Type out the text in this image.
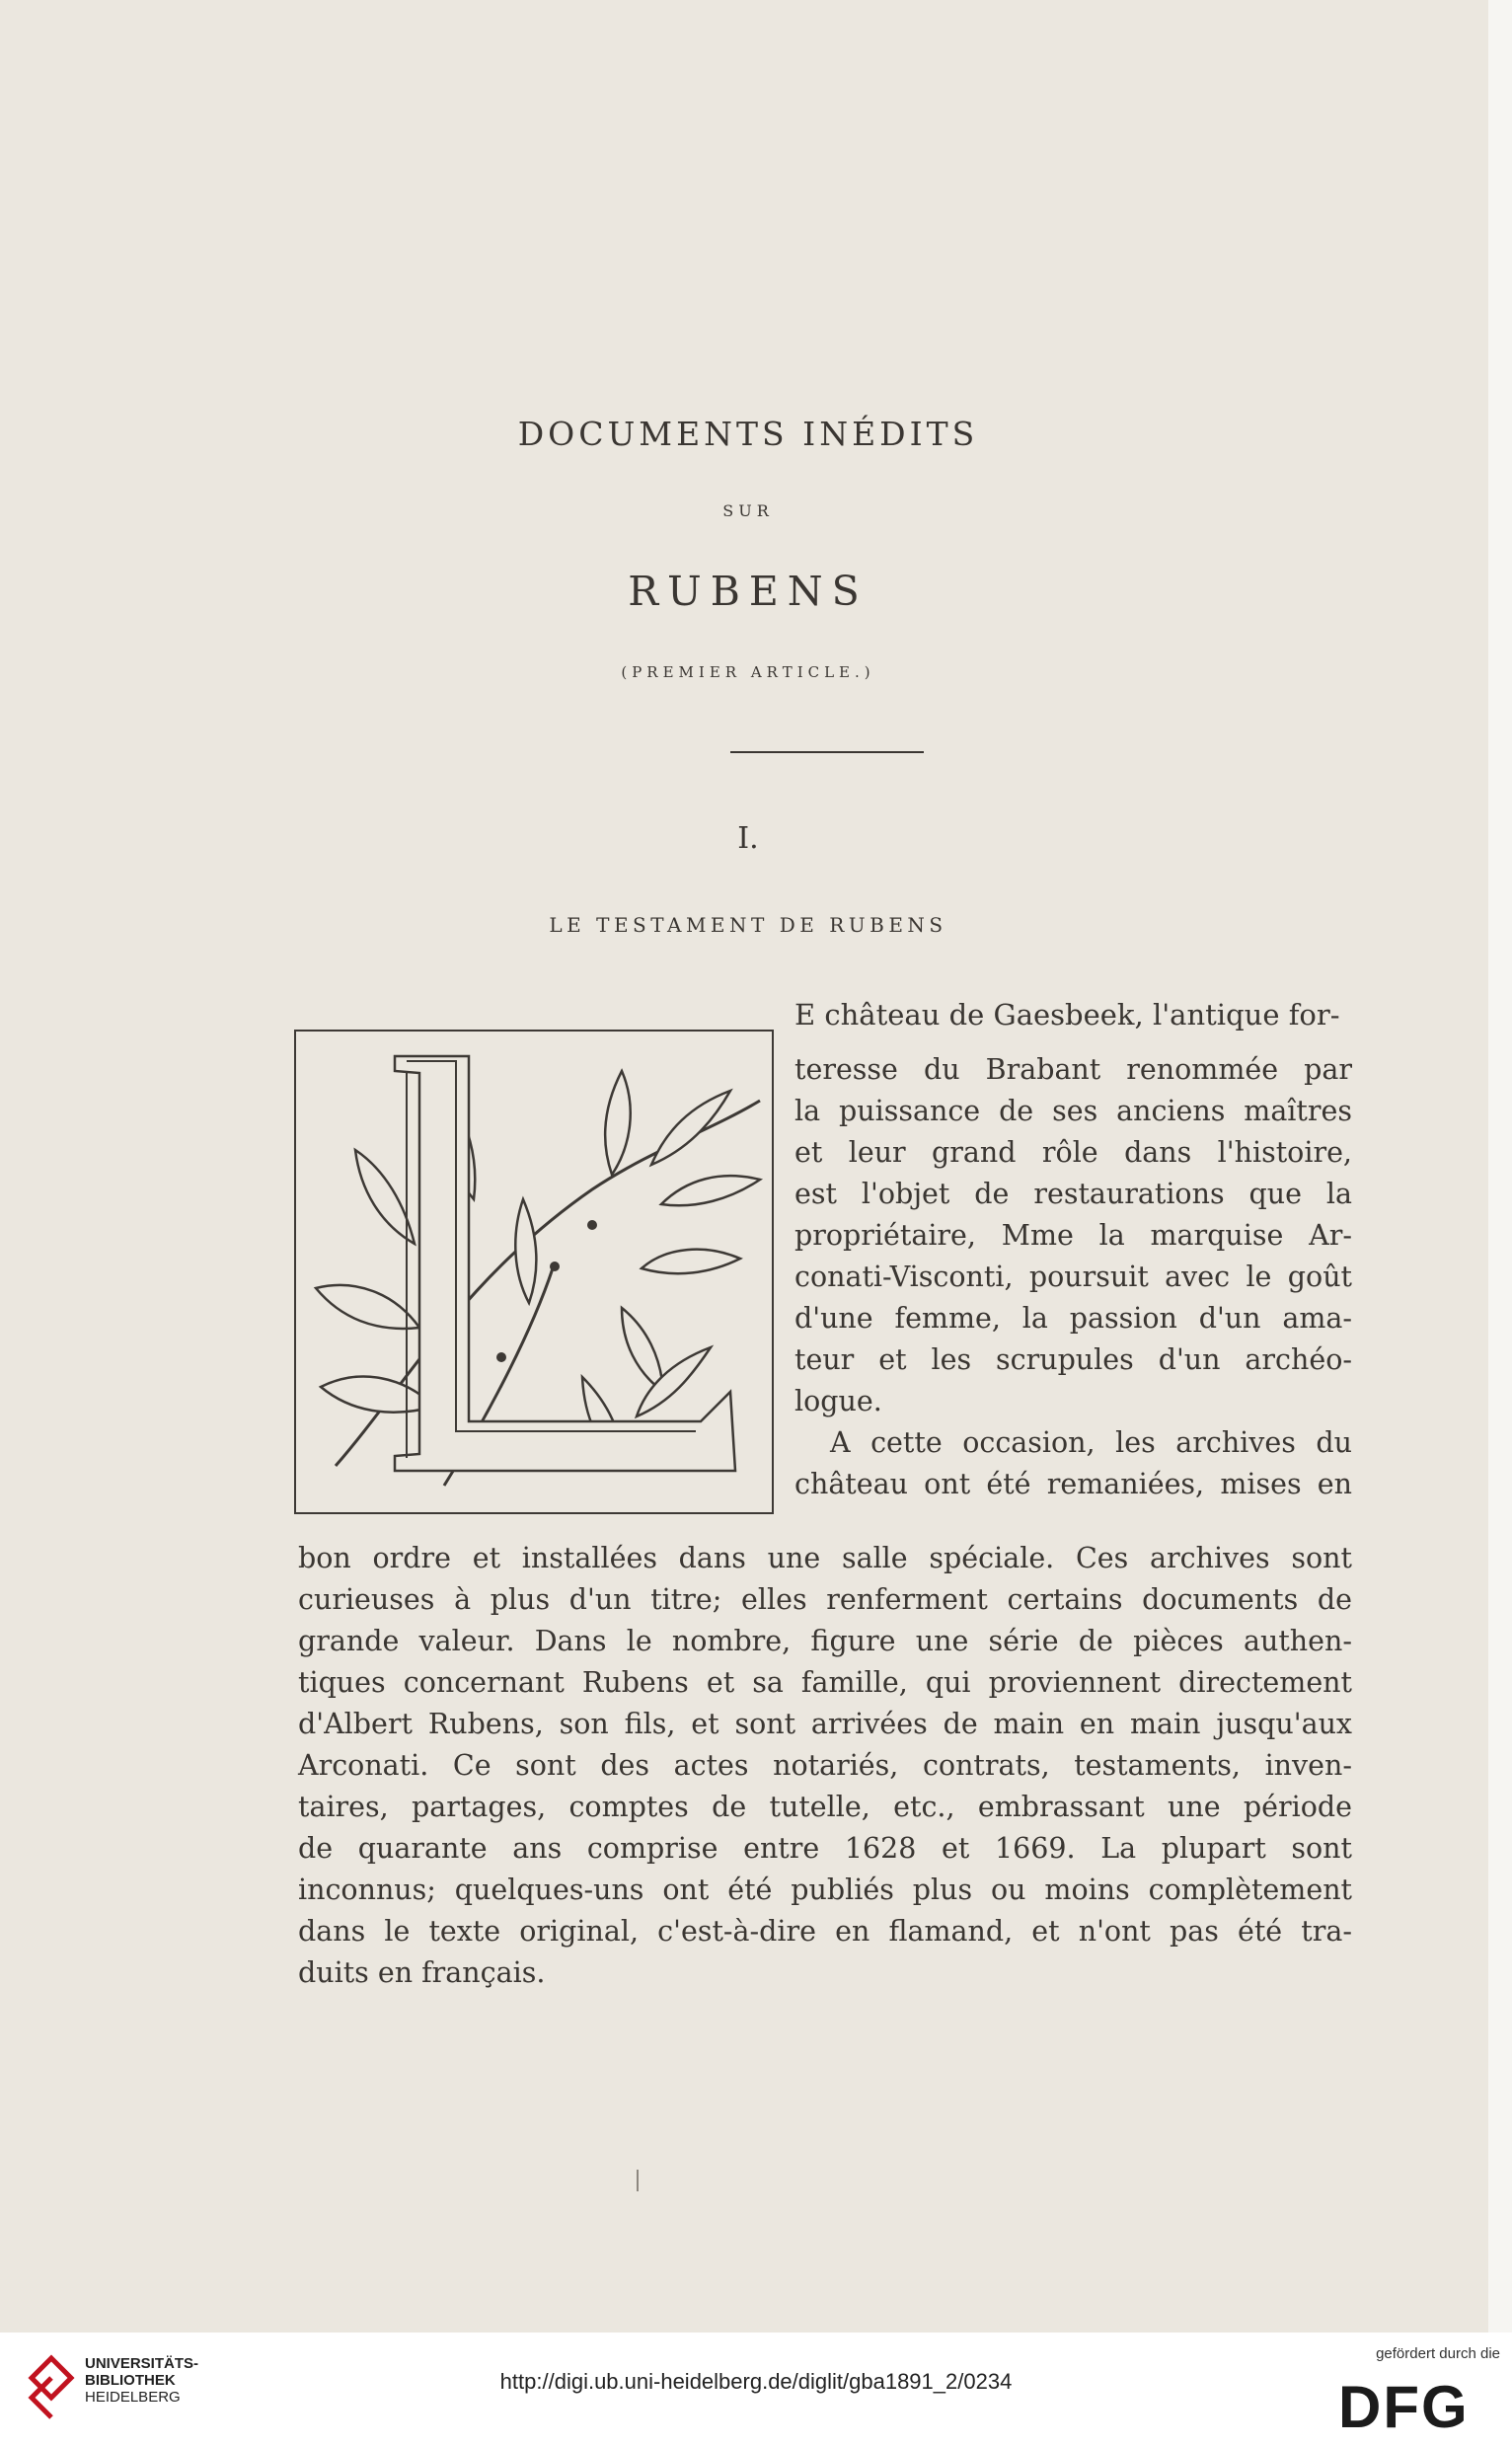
DOCUMENTS INÉDITS
SUR
RUBENS
(PREMIER ARTICLE.)
I.
LE TESTAMENT DE RUBENS
E château de Gaesbeek, l'antique for-
teresse du Brabant renommée par
la puissance de ses anciens maîtres
et leur grand rôle dans l'histoire,
est l'objet de restaurations que la
propriétaire, Mme la marquise Ar-
conati-Visconti, poursuit avec le goût
d'une femme, la passion d'un ama-
teur et les scrupules d'un archéo-
logue.
A cette occasion, les archives du
château ont été remaniées, mises en
bon ordre et installées dans une salle spéciale. Ces archives sont
curieuses à plus d'un titre; elles renferment certains documents de
grande valeur. Dans le nombre, figure une série de pièces authen-
tiques concernant Rubens et sa famille, qui proviennent directement
d'Albert Rubens, son fils, et sont arrivées de main en main jusqu'aux
Arconati. Ce sont des actes notariés, contrats, testaments, inven-
taires, partages, comptes de tutelle, etc., embrassant une période
de quarante ans comprise entre 1628 et 1669. La plupart sont
inconnus; quelques-uns ont été publiés plus ou moins complètement
dans le texte original, c'est-à-dire en flamand, et n'ont pas été tra-
duits en français.
UNIVERSITÄTS-
BIBLIOTHEK
HEIDELBERG
http://digi.ub.uni-heidelberg.de/diglit/gba1891_2/0234
gefördert durch die
DFG
